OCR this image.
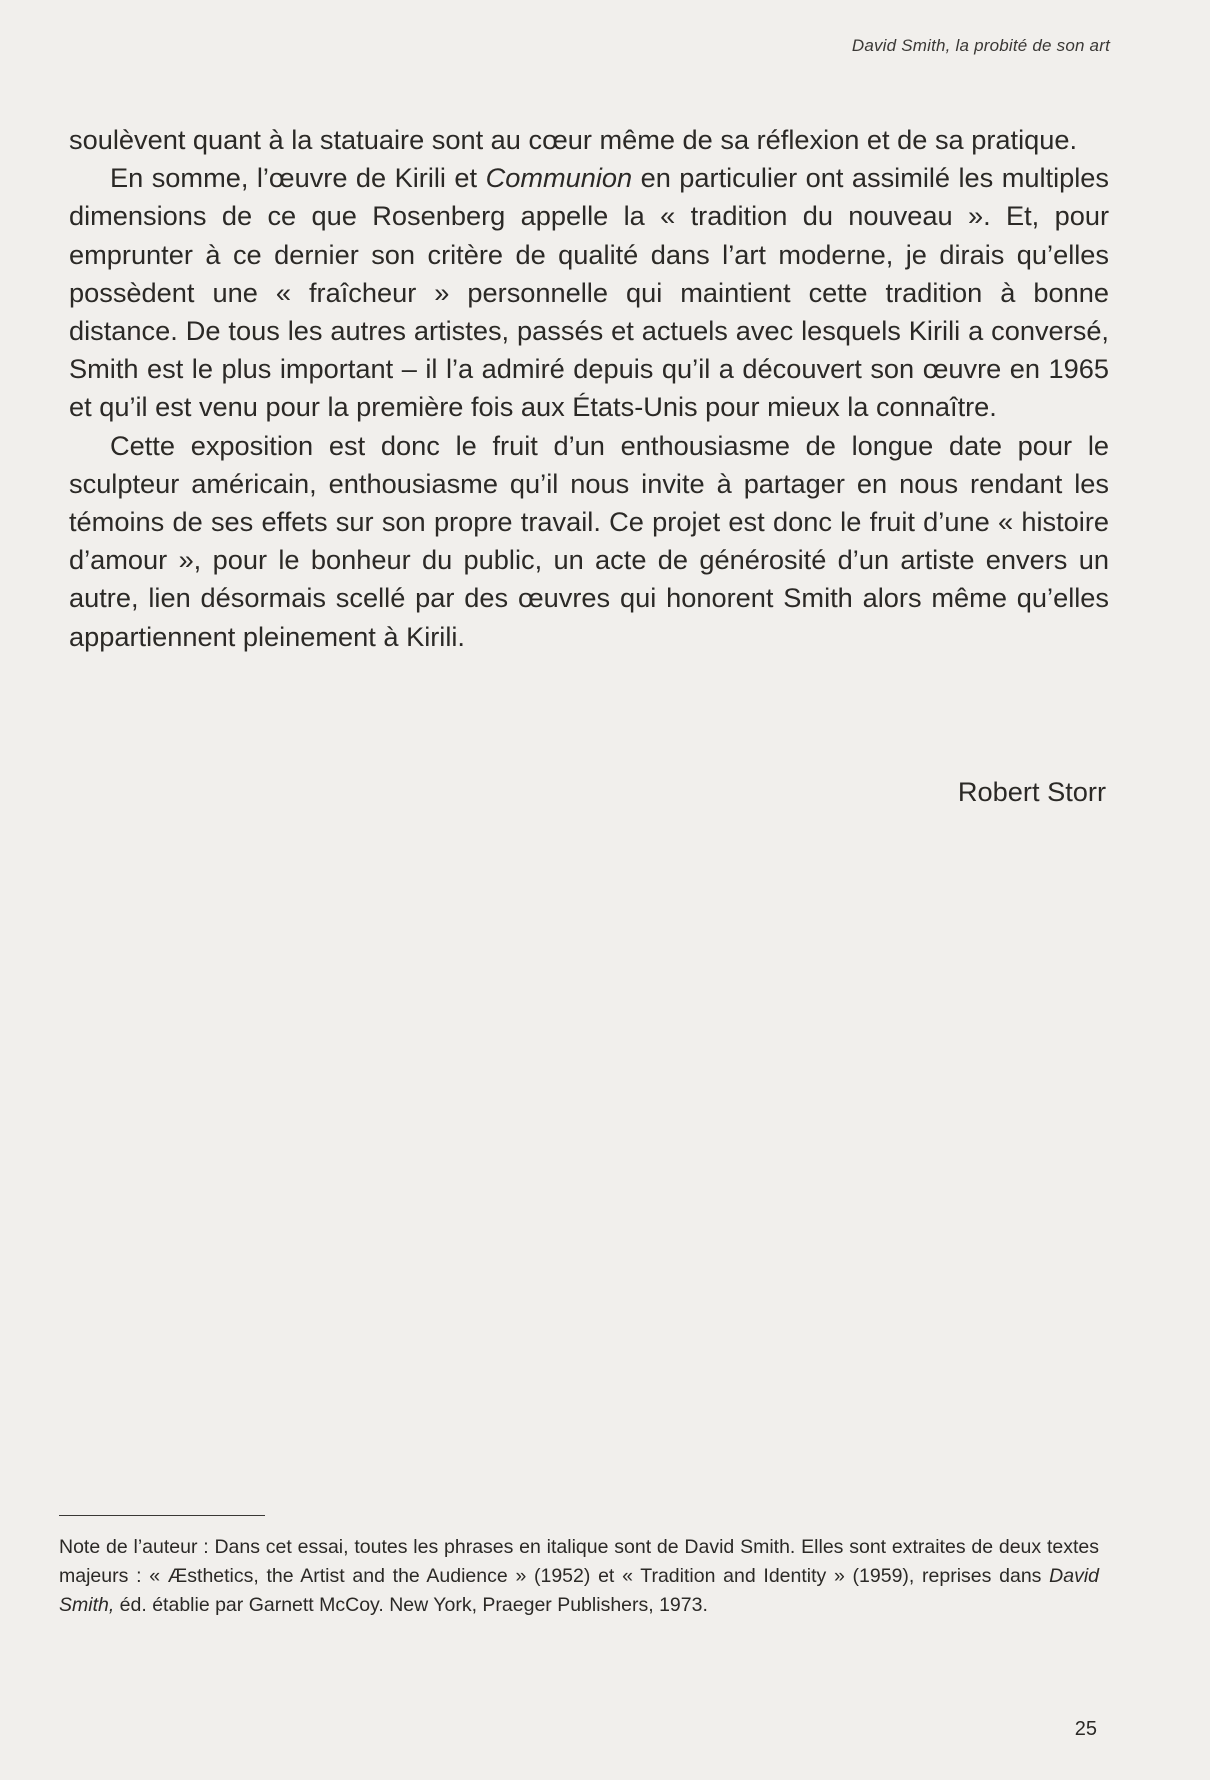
David Smith, la probité de son art

soulèvent quant à la statuaire sont au cœur même de sa réflexion et de sa pratique.

En somme, l’œuvre de Kirili et Communion en particulier ont assimilé les multiples dimensions de ce que Rosenberg appelle la « tradition du nouveau ». Et, pour emprunter à ce dernier son critère de qualité dans l’art moderne, je dirais qu’elles possèdent une « fraîcheur » personnelle qui maintient cette tradition à bonne distance. De tous les autres artistes, passés et actuels avec lesquels Kirili a conversé, Smith est le plus important – il l’a admiré depuis qu’il a découvert son œuvre en 1965 et qu’il est venu pour la première fois aux États-Unis pour mieux la connaître.

Cette exposition est donc le fruit d’un enthousiasme de longue date pour le sculpteur américain, enthousiasme qu’il nous invite à partager en nous rendant les témoins de ses effets sur son propre travail. Ce projet est donc le fruit d’une « histoire d’amour », pour le bonheur du public, un acte de générosité d’un artiste envers un autre, lien désormais scellé par des œuvres qui honorent Smith alors même qu’elles appartiennent pleinement à Kirili.

Robert Storr
Note de l’auteur : Dans cet essai, toutes les phrases en italique sont de David Smith. Elles sont extraites de deux textes majeurs : « Æsthetics, the Artist and the Audience » (1952) et « Tradition and Identity » (1959), reprises dans David Smith, éd. établie par Garnett McCoy. New York, Praeger Publishers, 1973.
25
